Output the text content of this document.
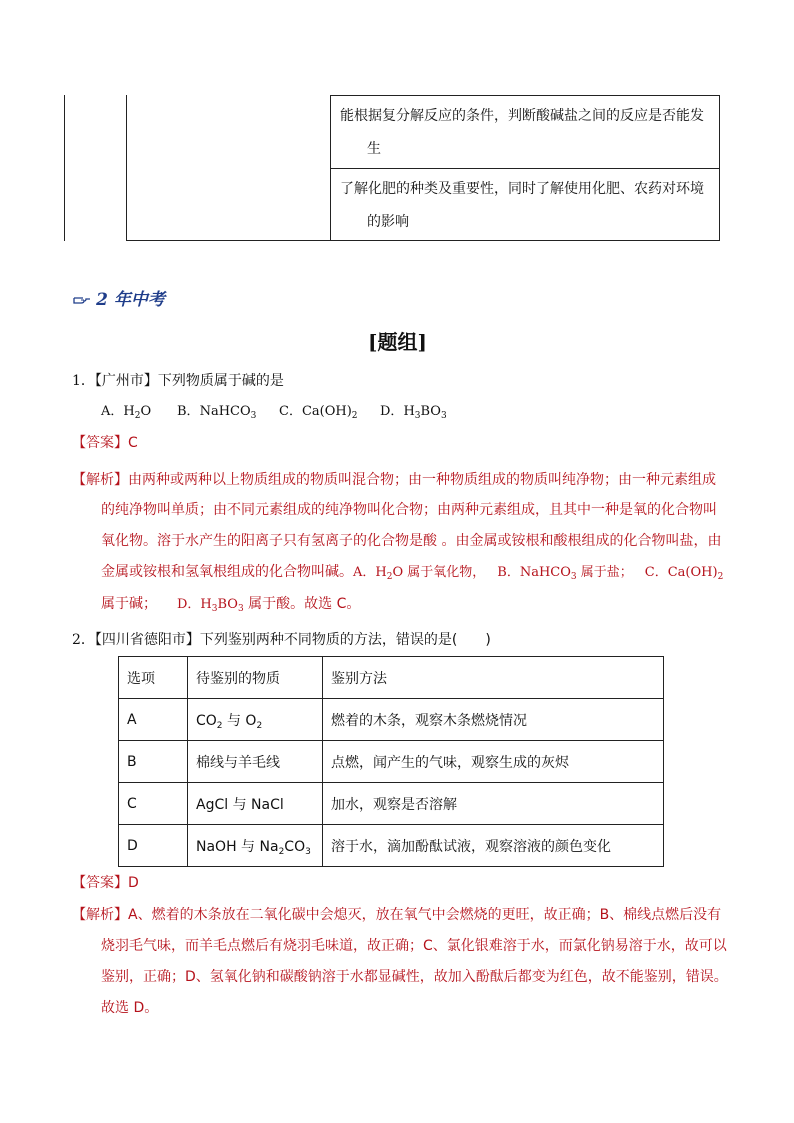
能根据复分解反应的条件，判断酸碱盐之间的反应是否能发
生
了解化肥的种类及重要性，同时了解使用化肥、农药对环境
的影响
2 年中考
[题组]
1．【广州市】下列物质属于碱的是
A．$H_2O$ B．NaHCO$_3$ C．$Ca(OH)_2$ D．$H_3BO_3$
【答案】C
【解析】由两种或两种以上物质组成的物质叫混合物；由一种物质组成的物质叫纯净物；由一种元素组成
的纯净物叫单质；由不同元素组成的纯净物叫化合物；由两种元素组成，且其中一种是氧的化合物叫
氧化物。溶于水产生的阳离子只有氢离子的化合物是酸 。由金属或铵根和酸根组成的化合物叫盐，由
金属或铵根和氢氧根组成的化合物叫碱。A．$H_2O$ 属于氧化物， B．NaHCO$_3$ 属于盐； C．$Ca(OH)_2$
属于碱； D．$H_3BO_3$ 属于酸。故选 C。
2．【四川省德阳市】下列鉴别两种不同物质的方法，错误的是(　　)
选项	待鉴别的物质	鉴别方法
A	$CO_2$ 与 $O_2$	燃着的木条，观察木条燃烧情况
B	棉线与羊毛线	点燃，闻产生的气味，观察生成的灰烬
C	AgCl 与 NaCl	加水，观察是否溶解
D	NaOH 与 $Na_2CO_3$	溶于水，滴加酚酞试液，观察溶液的颜色变化
【答案】D
【解析】A、燃着的木条放在二氧化碳中会熄灭，放在氧气中会燃烧的更旺，故正确；B、棉线点燃后没有
烧羽毛气味，而羊毛点燃后有烧羽毛味道，故正确；C、氯化银难溶于水，而氯化钠易溶于水，故可以
鉴别，正确；D、氢氧化钠和碳酸钠溶于水都显碱性，故加入酚酞后都变为红色，故不能鉴别，错误。
故选 D。
